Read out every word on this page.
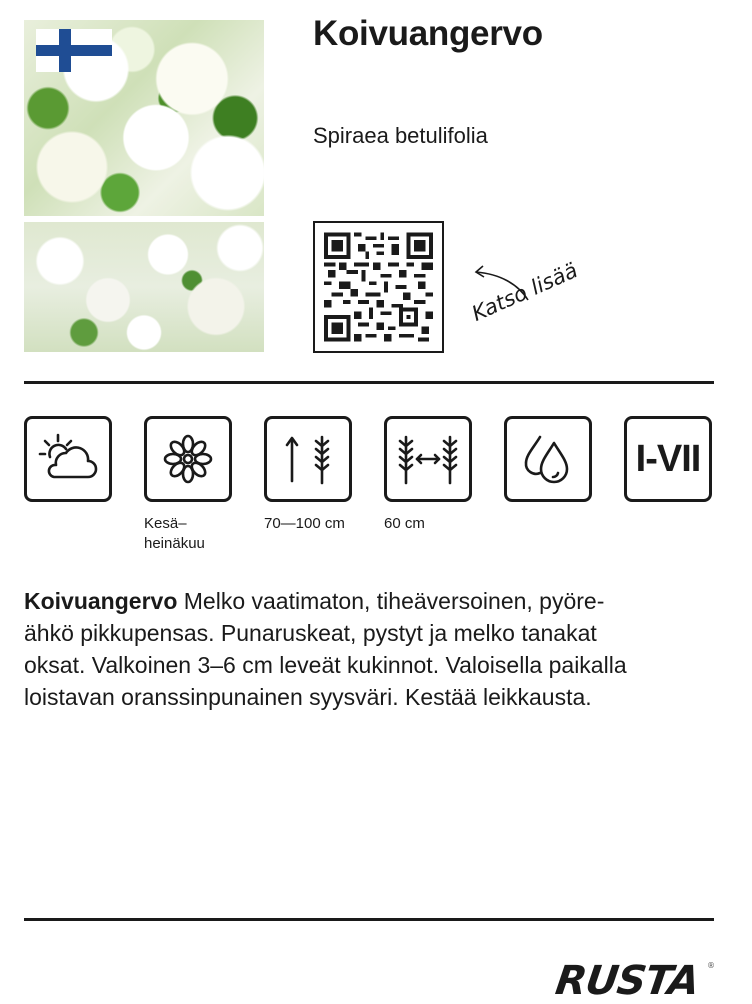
Koivuangervo
Spiraea betulifolia
Katso lisää
I-VII
Kesä–
heinäkuu
70—100 cm	60 cm
Koivuangervo Melko vaatimaton, tiheäversoinen, pyöre-
ähkö pikkupensas. Punaruskeat, pystyt ja melko tanakat
oksat. Valkoinen 3–6 cm leveät kukinnot. Valoisella paikalla
loistavan oranssinpunainen syysväri. Kestää leikkausta.
RUSTA ®
